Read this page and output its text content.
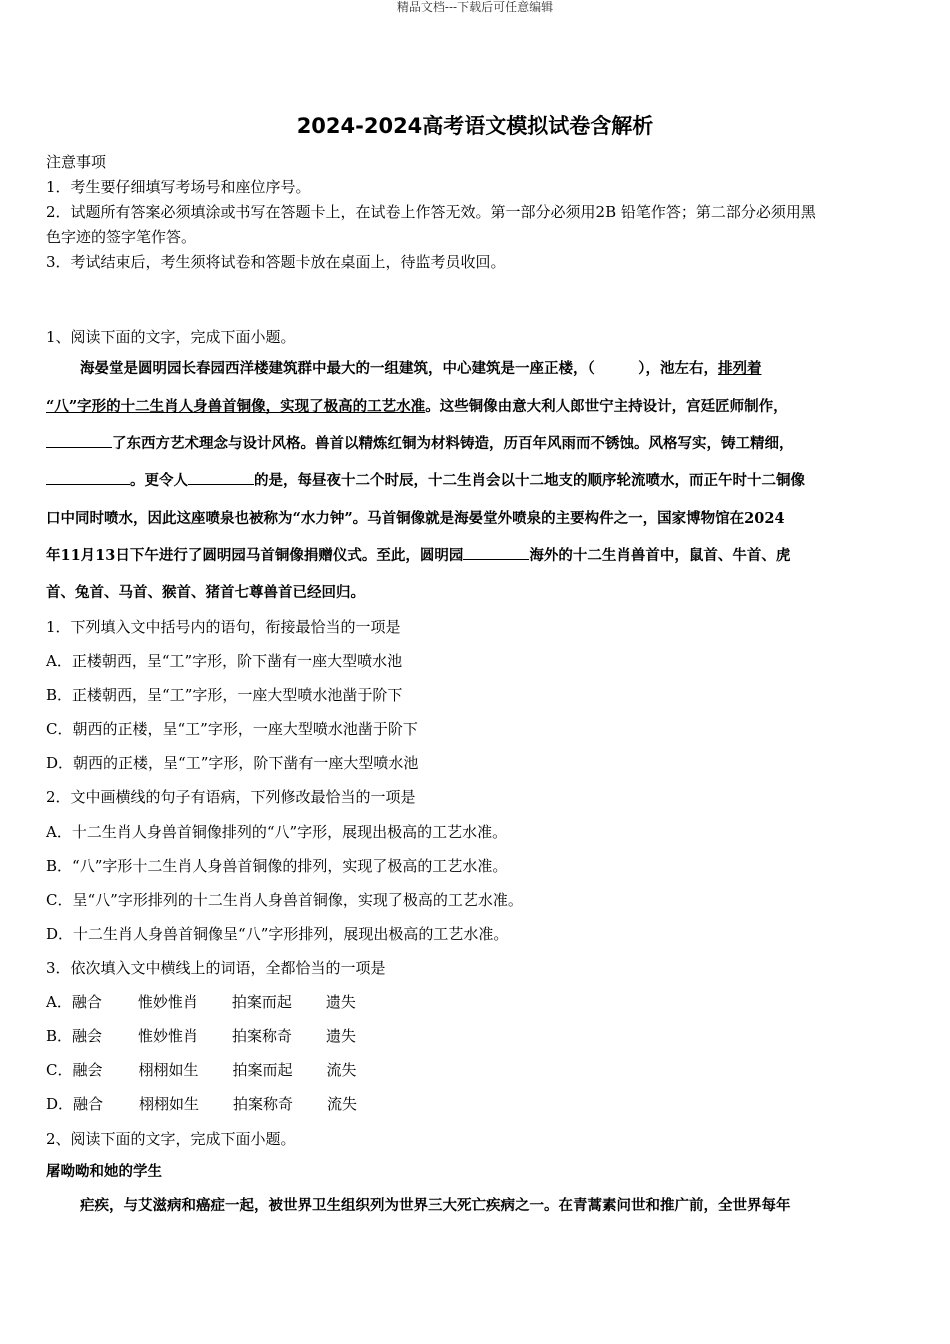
精品文档---下载后可任意编辑
2024-2024高考语文模拟试卷含解析
注意事项
1．考生要仔细填写考场号和座位序号。
2．试题所有答案必须填涂或书写在答题卡上，在试卷上作答无效。第一部分必须用2B 铅笔作答；第二部分必须用黑
色字迹的签字笔作答。
3．考试结束后，考生须将试卷和答题卡放在桌面上，待监考员收回。
1、阅读下面的文字，完成下面小题。
海晏堂是圆明园长春园西洋楼建筑群中最大的一组建筑，中心建筑是一座正楼，（　　　），池左右，排列着
“八”字形的十二生肖人身兽首铜像，实现了极高的工艺水准。这些铜像由意大利人郎世宁主持设计，宫廷匠师制作，
了东西方艺术理念与设计风格。兽首以精炼红铜为材料铸造，历百年风雨而不锈蚀。风格写实，铸工精细，
。更令人	的是，每昼夜十二个时辰，十二生肖会以十二地支的顺序轮流喷水，而正午时十二铜像
口中同时喷水，因此这座喷泉也被称为“水力钟”。马首铜像就是海晏堂外喷泉的主要构件之一，国家博物馆在2024
年11月13日下午进行了圆明园马首铜像捐赠仪式。至此，圆明园	海外的十二生肖兽首中，鼠首、牛首、虎
首、兔首、马首、猴首、猪首七尊兽首已经回归。
1．下列填入文中括号内的语句，衔接最恰当的一项是
A．正楼朝西，呈“工”字形，阶下凿有一座大型喷水池
B．正楼朝西，呈“工”字形，一座大型喷水池凿于阶下
C．朝西的正楼，呈“工”字形，一座大型喷水池凿于阶下
D．朝西的正楼，呈“工”字形，阶下凿有一座大型喷水池
2．文中画横线的句子有语病，下列修改最恰当的一项是
A．十二生肖人身兽首铜像排列的“八”字形，展现出极高的工艺水准。
B．“八”字形十二生肖人身兽首铜像的排列，实现了极高的工艺水准。
C．呈“八”字形排列的十二生肖人身兽首铜像，实现了极高的工艺水准。
D．十二生肖人身兽首铜像呈“八”字形排列，展现出极高的工艺水准。
3．依次填入文中横线上的词语，全都恰当的一项是
A．融合 惟妙惟肖 拍案而起 遗失
B．融会 惟妙惟肖 拍案称奇 遗失
C．融会 栩栩如生 拍案而起 流失
D．融合 栩栩如生 拍案称奇 流失
2、阅读下面的文字，完成下面小题。
屠呦呦和她的学生
疟疾，与艾滋病和癌症一起，被世界卫生组织列为世界三大死亡疾病之一。在青蒿素问世和推广前，全世界每年
